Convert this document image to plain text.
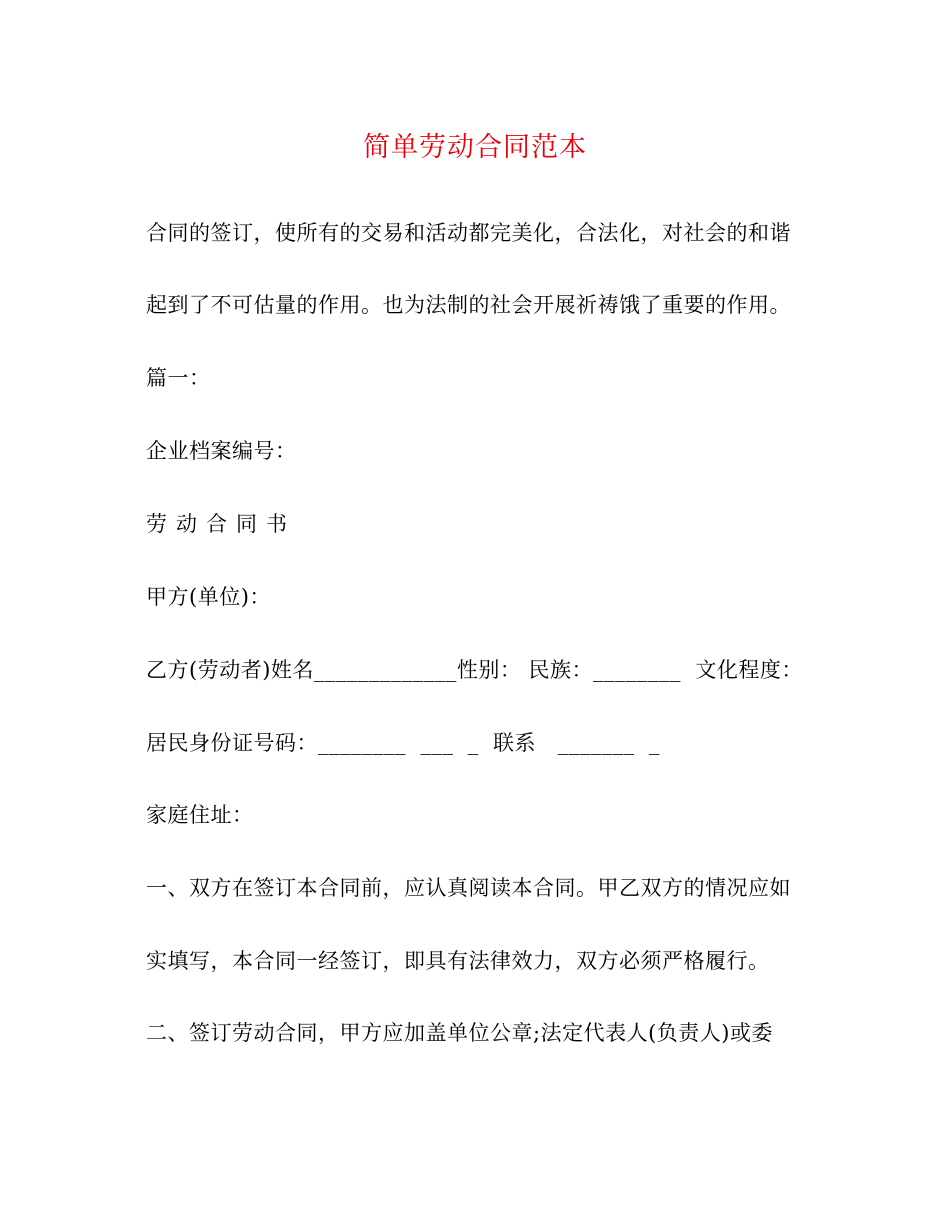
简单劳动合同范本
合同的签订，使所有的交易和活动都完美化，合法化，对社会的和谐
起到了不可估量的作用。也为法制的社会开展祈祷饿了重要的作用。
篇一：
企业档案编号：
劳动合同书
甲方(单位)：
乙方(劳动者)姓名_____________性别： 民族：________  文化程度：
居民身份证号码：________  ___  _  联系   _______  _
家庭住址：
一、双方在签订本合同前，应认真阅读本合同。甲乙双方的情况应如
实填写，本合同一经签订，即具有法律效力，双方必须严格履行。
二、签订劳动合同，甲方应加盖单位公章;法定代表人(负责人)或委
